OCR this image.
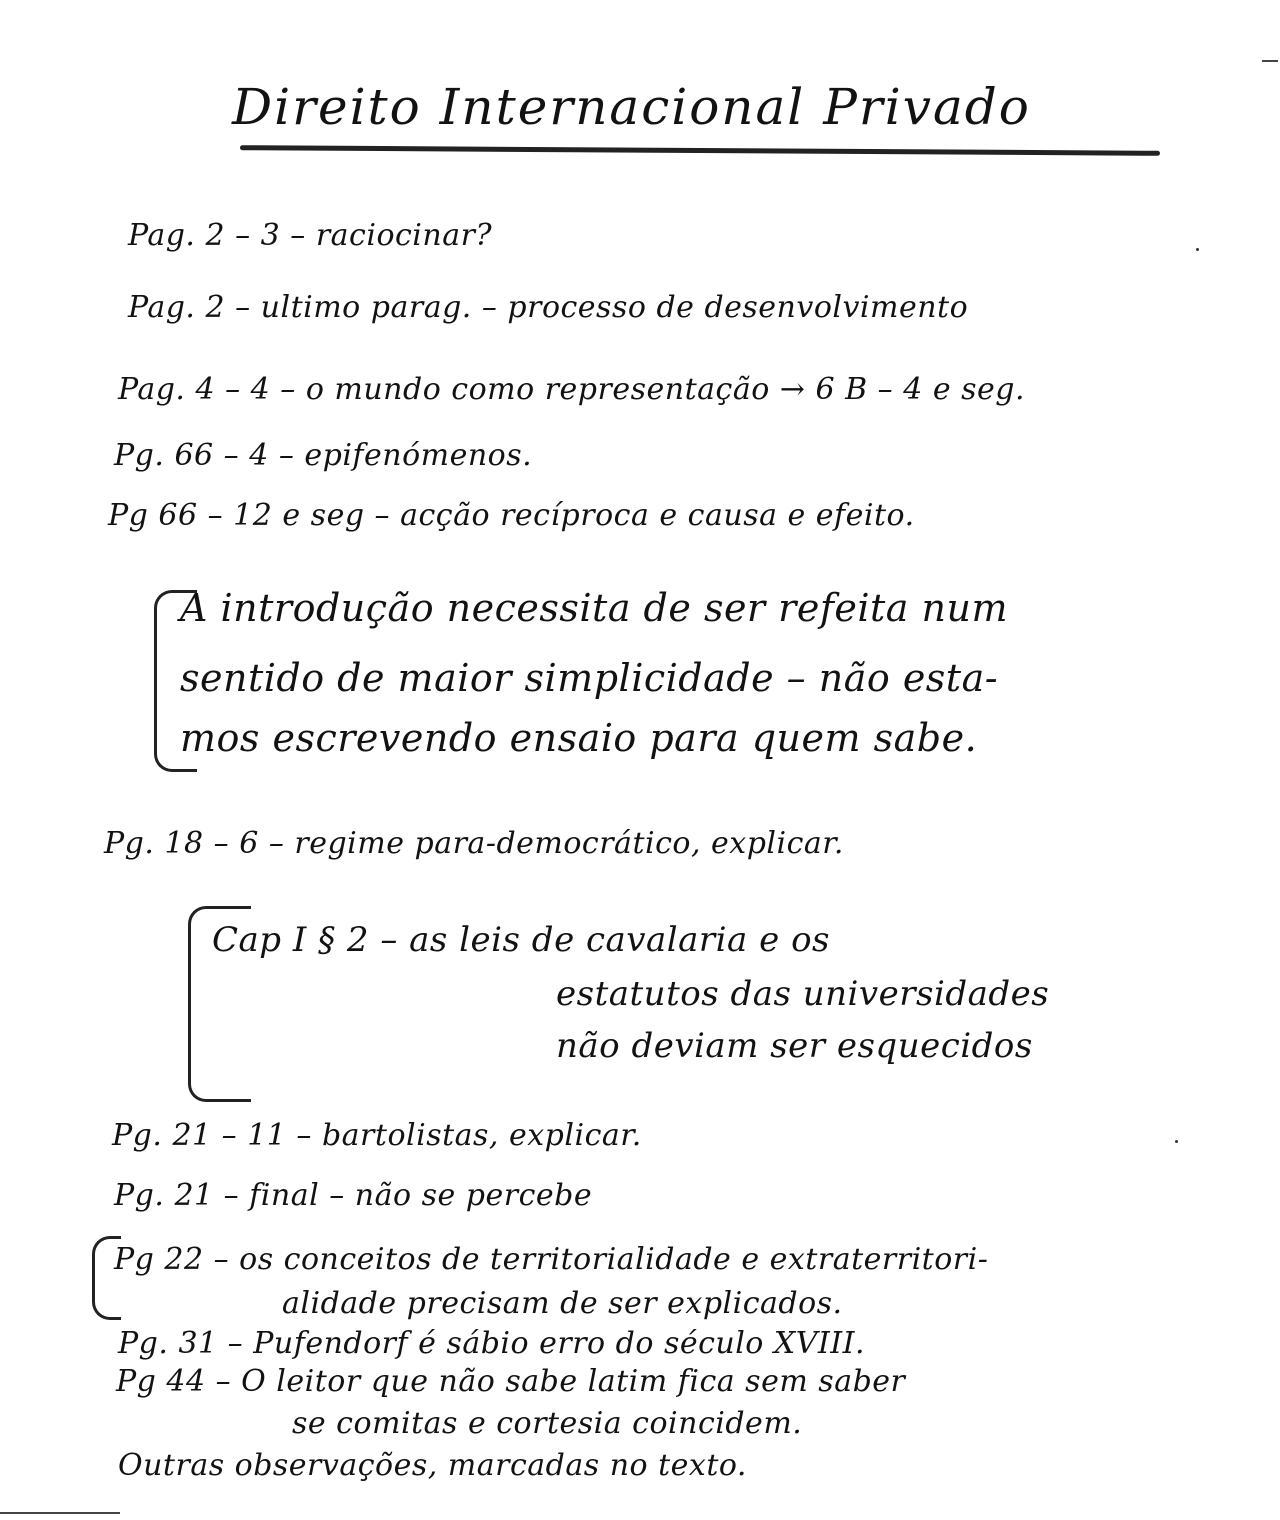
Direito Internacional Privado
Pag. 2 – 3 – raciocinar?
Pag. 2 – ultimo parag. – processo de desenvolvimento
Pag. 4 – 4 – o mundo como representação → 6 B – 4 e seg.
Pg. 66 – 4 – epifenómenos.
Pg 66 – 12 e seg – acção recíproca e causa e efeito.
A introdução necessita de ser refeita num
sentido de maior simplicidade – não esta-
mos escrevendo ensaio para quem sabe.
Pg. 18 – 6 – regime para-democrático, explicar.
Cap I § 2 – as leis de cavalaria e os
estatutos das universidades
não deviam ser esquecidos
Pg. 21 – 11 – bartolistas, explicar.
Pg. 21 – final – não se percebe
Pg 22 – os conceitos de territorialidade e extraterritori-
alidade precisam de ser explicados.
Pg. 31 – Pufendorf é sábio erro do século XVIII.
Pg 44 – O leitor que não sabe latim fica sem saber
se comitas e cortesia coincidem.
Outras observações, marcadas no texto.
